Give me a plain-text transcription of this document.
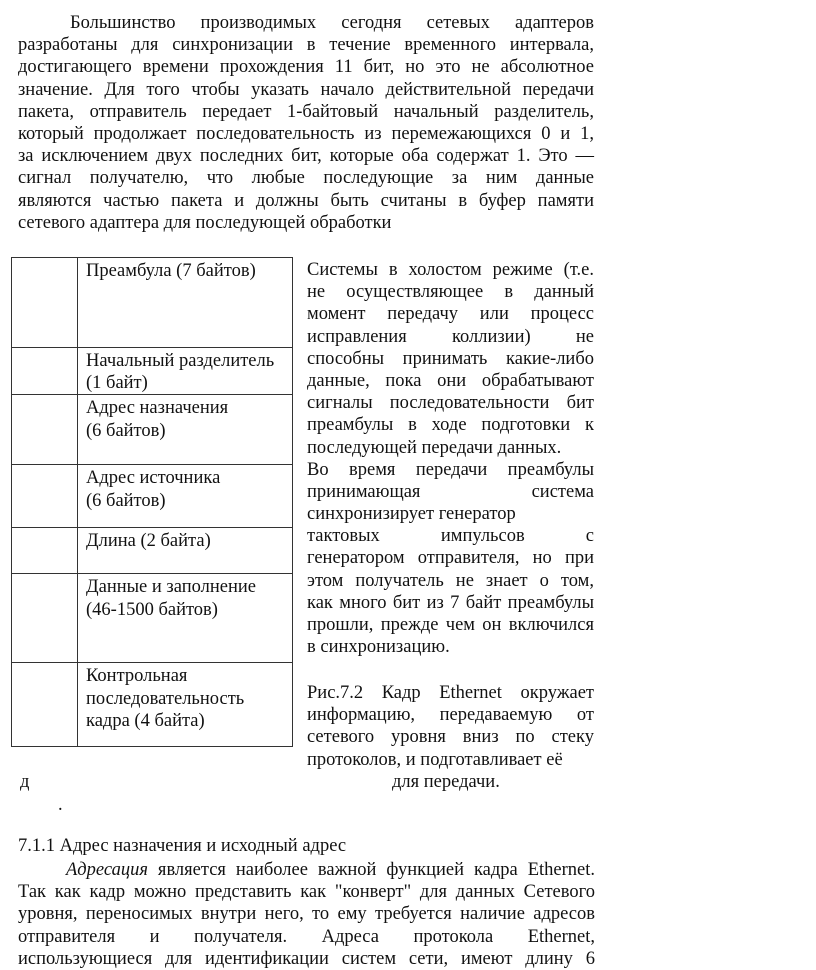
Большинство производимых сегодня сетевых адаптеров
разработаны для синхронизации в течение временного интервала,
достигающего времени прохождения 11 бит, но это не абсолютное
значение. Для того чтобы указать начало действительной передачи
пакета, отправитель передает 1-байтовый начальный разделитель,
который продолжает последовательность из перемежающихся 0 и 1,
за исключением двух последних бит, которые оба содержат 1. Это —
сигнал получателю, что любые последующие за ним данные
являются частью пакета и должны быть считаны в буфер памяти
сетевого адаптера для последующей обработки
	Преамбула (7 байтов)
	Начальный разделитель
(1 байт)
	Адрес назначения
(6 байтов)
	Адрес источника
(6 байтов)
	Длина (2 байта)
	Данные и заполнение
(46-1500 байтов)
	Контрольная
последовательность
кадра (4 байта)
Системы в холостом режиме (т.е.
не осуществляющее в данный
момент передачу или процесс
исправления коллизии) не
способны принимать какие-либо
данные, пока они обрабатывают
сигналы последовательности бит
преамбулы в ходе подготовки к
последующей передачи данных.
Во время передачи преамбулы
принимающая система
синхронизирует генератор
тактовых импульсов с
генератором отправителя, но при
этом получатель не знает о том,
как много бит из 7 байт преамбулы
прошли, прежде чем он включился
в синхронизацию.
Рис.7.2 Кадр Ethernet окружает
информацию, передаваемую от
сетевого уровня вниз по стеку
протоколов, и подготавливает её
для передачи.
д
.
7.1.1 Адрес назначения и исходный адрес
Адресация является наиболее важной функцией кадра Ethernet.
Так как кадр можно представить как "конверт" для данных Сетевого
уровня, переносимых внутри него, то ему требуется наличие адресов
отправителя и получателя. Адреса протокола Ethernet,
использующиеся для идентификации систем сети, имеют длину 6
